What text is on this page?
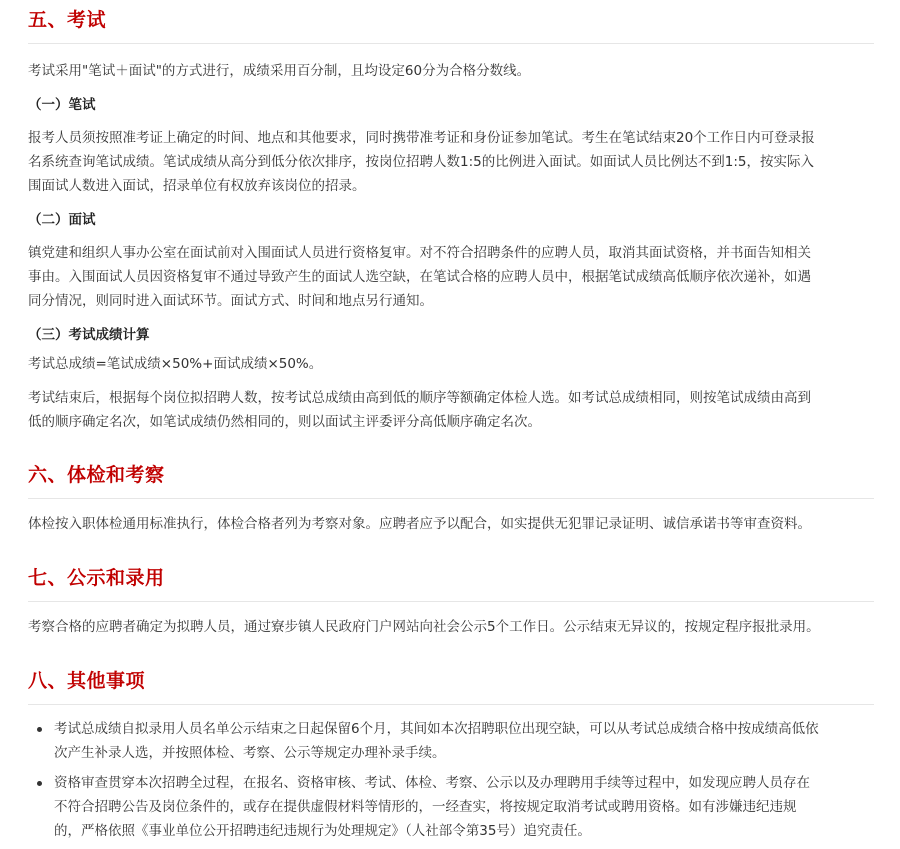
五、考试

考试采用"笔试＋面试"的方式进行，成绩采用百分制，且均设定60分为合格分数线。

（一）笔试

报考人员须按照准考证上确定的时间、地点和其他要求，同时携带准考证和身份证参加笔试。考生在笔试结束20个工作日内可登录报
名系统查询笔试成绩。笔试成绩从高分到低分依次排序，按岗位招聘人数1:5的比例进入面试。如面试人员比例达不到1:5，按实际入
围面试人数进入面试，招录单位有权放弃该岗位的招录。

（二）面试

镇党建和组织人事办公室在面试前对入围面试人员进行资格复审。对不符合招聘条件的应聘人员，取消其面试资格，并书面告知相关
事由。入围面试人员因资格复审不通过导致产生的面试人选空缺，在笔试合格的应聘人员中，根据笔试成绩高低顺序依次递补，如遇
同分情况，则同时进入面试环节。面试方式、时间和地点另行通知。

（三）考试成绩计算

考试总成绩=笔试成绩×50%+面试成绩×50%。

考试结束后，根据每个岗位拟招聘人数，按考试总成绩由高到低的顺序等额确定体检人选。如考试总成绩相同，则按笔试成绩由高到
低的顺序确定名次，如笔试成绩仍然相同的，则以面试主评委评分高低顺序确定名次。
六、体检和考察

体检按入职体检通用标准执行，体检合格者列为考察对象。应聘者应予以配合，如实提供无犯罪记录证明、诚信承诺书等审查资料。

七、公示和录用

考察合格的应聘者确定为拟聘人员，通过寮步镇人民政府门户网站向社会公示5个工作日。公示结束无异议的，按规定程序报批录用。

八、其他事项
考试总成绩自拟录用人员名单公示结束之日起保留6个月，其间如本次招聘职位出现空缺，可以从考试总成绩合格中按成绩高低依
次产生补录人选，并按照体检、考察、公示等规定办理补录手续。
资格审查贯穿本次招聘全过程，在报名、资格审核、考试、体检、考察、公示以及办理聘用手续等过程中，如发现应聘人员存在
不符合招聘公告及岗位条件的，或存在提供虚假材料等情形的，一经查实，将按规定取消考试或聘用资格。如有涉嫌违纪违规
的，严格依照《事业单位公开招聘违纪违规行为处理规定》（人社部令第35号）追究责任。
